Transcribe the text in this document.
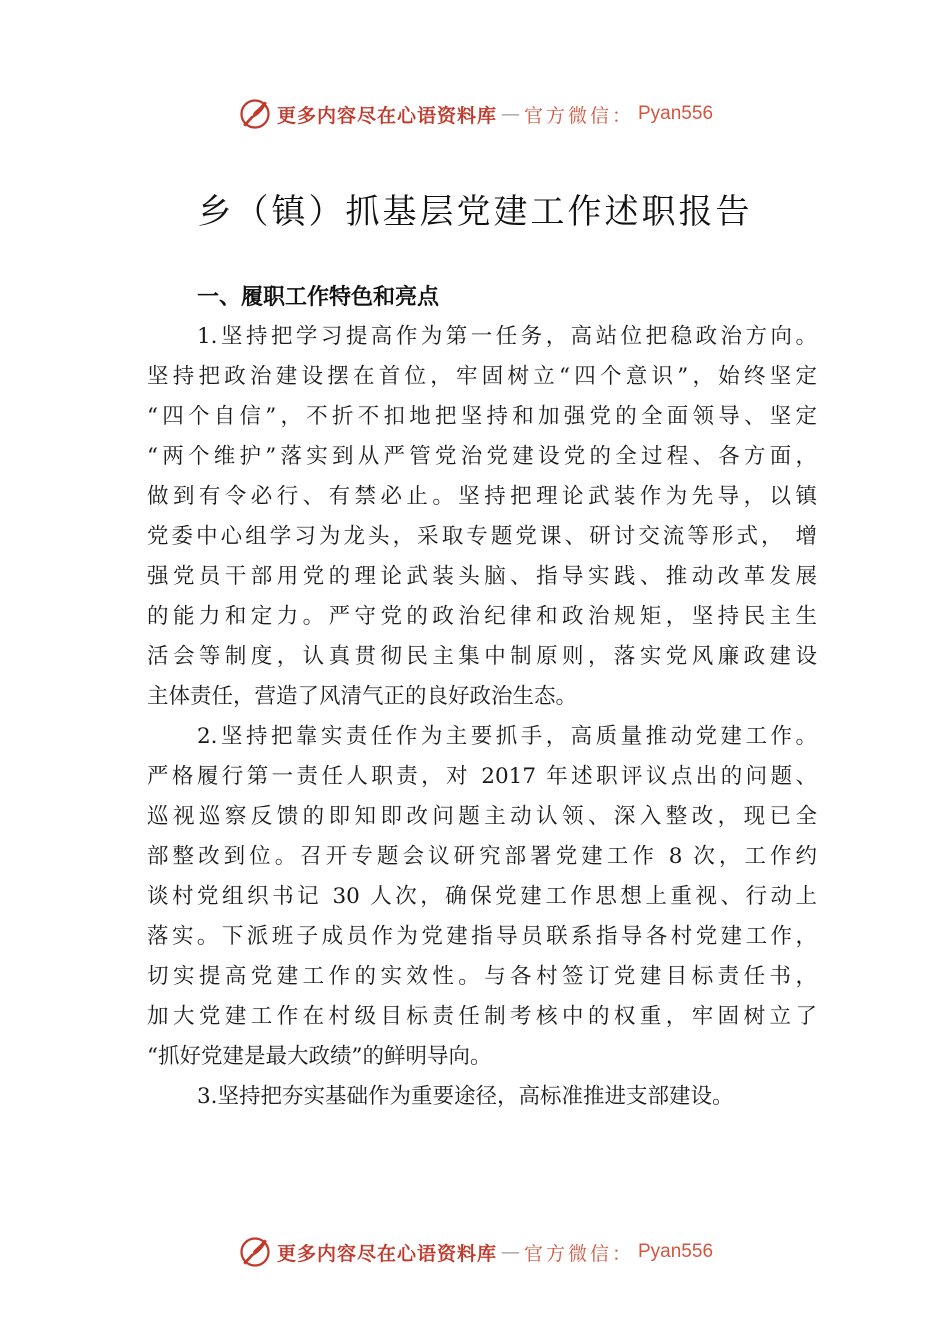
更多内容尽在心语资料库 — 官方微信： Pyan556
乡（镇）抓基层党建工作述职报告
一、履职工作特色和亮点
1.坚持把学习提高作为第一任务，高站位把稳政治方向。
坚持把政治建设摆在首位，牢固树立“四个意识”，始终坚定
“四个自信”，不折不扣地把坚持和加强党的全面领导、坚定
“两个维护”落实到从严管党治党建设党的全过程、各方面，
做到有令必行、有禁必止。坚持把理论武装作为先导，以镇
党委中心组学习为龙头，采取专题党课、研讨交流等形式， 增
强党员干部用党的理论武装头脑、指导实践、推动改革发展
的能力和定力。严守党的政治纪律和政治规矩，坚持民主生
活会等制度，认真贯彻民主集中制原则，落实党风廉政建设
主体责任，营造了风清气正的良好政治生态。
2.坚持把靠实责任作为主要抓手，高质量推动党建工作。
严格履行第一责任人职责，对 2017 年述职评议点出的问题、
巡视巡察反馈的即知即改问题主动认领、深入整改，现已全
部整改到位。召开专题会议研究部署党建工作 8 次，工作约
谈村党组织书记 30 人次，确保党建工作思想上重视、行动上
落实。下派班子成员作为党建指导员联系指导各村党建工作，
切实提高党建工作的实效性。与各村签订党建目标责任书，
加大党建工作在村级目标责任制考核中的权重，牢固树立了
“抓好党建是最大政绩”的鲜明导向。
3.坚持把夯实基础作为重要途径，高标准推进支部建设。
更多内容尽在心语资料库 — 官方微信： Pyan556
